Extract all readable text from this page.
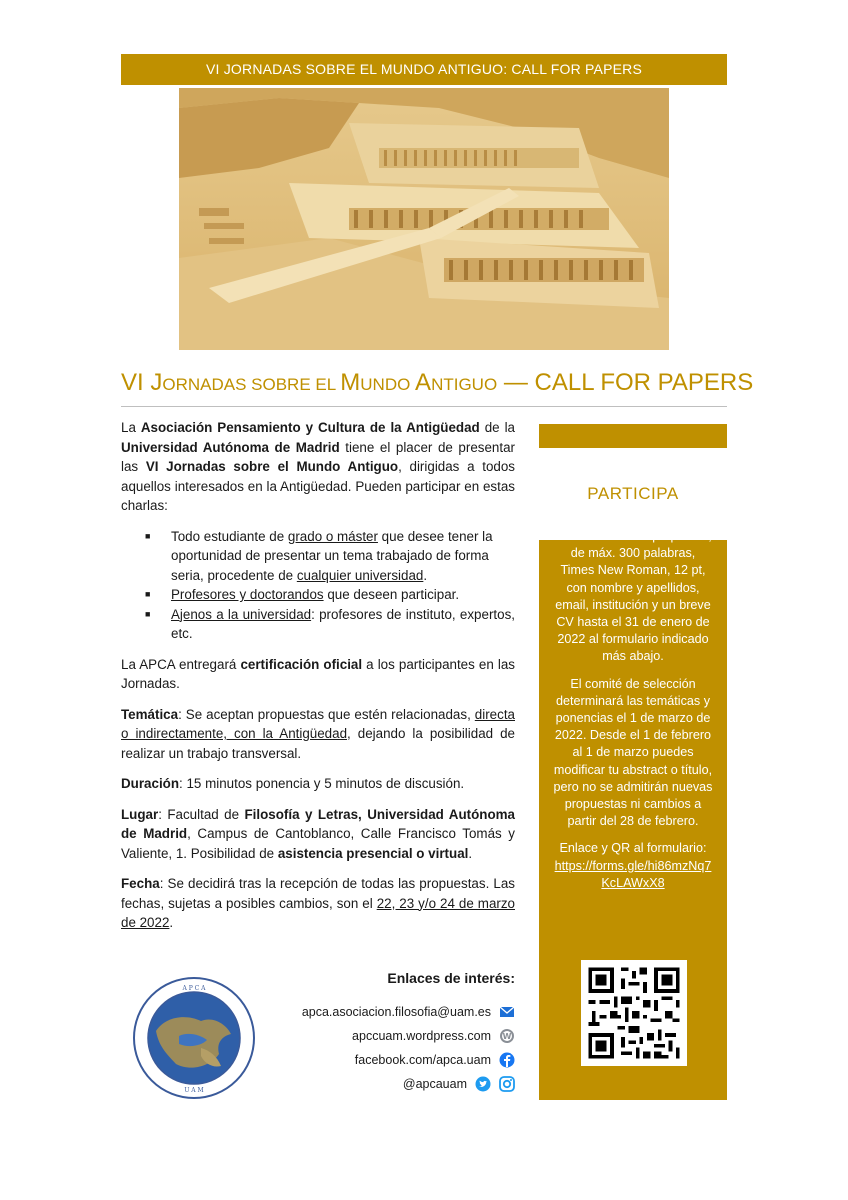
VI JORNADAS SOBRE EL MUNDO ANTIGUO: CALL FOR PAPERS
VI JORNADAS SOBRE EL MUNDO ANTIGUO — CALL FOR PAPERS

La Asociación Pensamiento y Cultura de la Antigüedad de la Universidad Autónoma de Madrid tiene el placer de presentar las VI Jornadas sobre el Mundo Antiguo, dirigidas a todos aquellos interesados en la Antigüedad. Pueden participar en estas charlas:

■ Todo estudiante de grado o máster que desee tener la oportunidad de presentar un tema trabajado de forma seria, procedente de cualquier universidad.
■ Profesores y doctorandos que deseen participar.
■ Ajenos a la universidad: profesores de instituto, expertos, etc.

La APCA entregará certificación oficial a los participantes en las Jornadas.

Temática: Se aceptan propuestas que estén relacionadas, directa o indirectamente, con la Antigüedad, dejando la posibilidad de realizar un trabajo transversal.

Duración: 15 minutos ponencia y 5 minutos de discusión.

Lugar: Facultad de Filosofía y Letras, Universidad Autónoma de Madrid, Campus de Cantoblanco, Calle Francisco Tomás y Valiente, 1. Posibilidad de asistencia presencial o virtual.

Fecha: Se decidirá tras la recepción de todas las propuestas. Las fechas, sujetas a posibles cambios, son el 22, 23 y/o 24 de marzo de 2022.

PARTICIPA

Puedes enviar tu propuesta, de máx. 300 palabras, Times New Roman, 12 pt, con nombre y apellidos, email, institución y un breve CV hasta el 31 de enero de 2022 al formulario indicado más abajo.

El comité de selección determinará las temáticas y ponencias el 1 de marzo de 2022. Desde el 1 de febrero al 1 de marzo puedes modificar tu abstract o título, pero no se admitirán nuevas propuestas ni cambios a partir del 28 de febrero.

Enlace y QR al formulario:
https://forms.gle/hi86mzNq7KcLAWxX8

A P C A
U A M
Enlaces de interés:
apca.asociacion.filosofia@uam.es
apccuam.wordpress.com W
facebook.com/apca.uam
@apcauam
